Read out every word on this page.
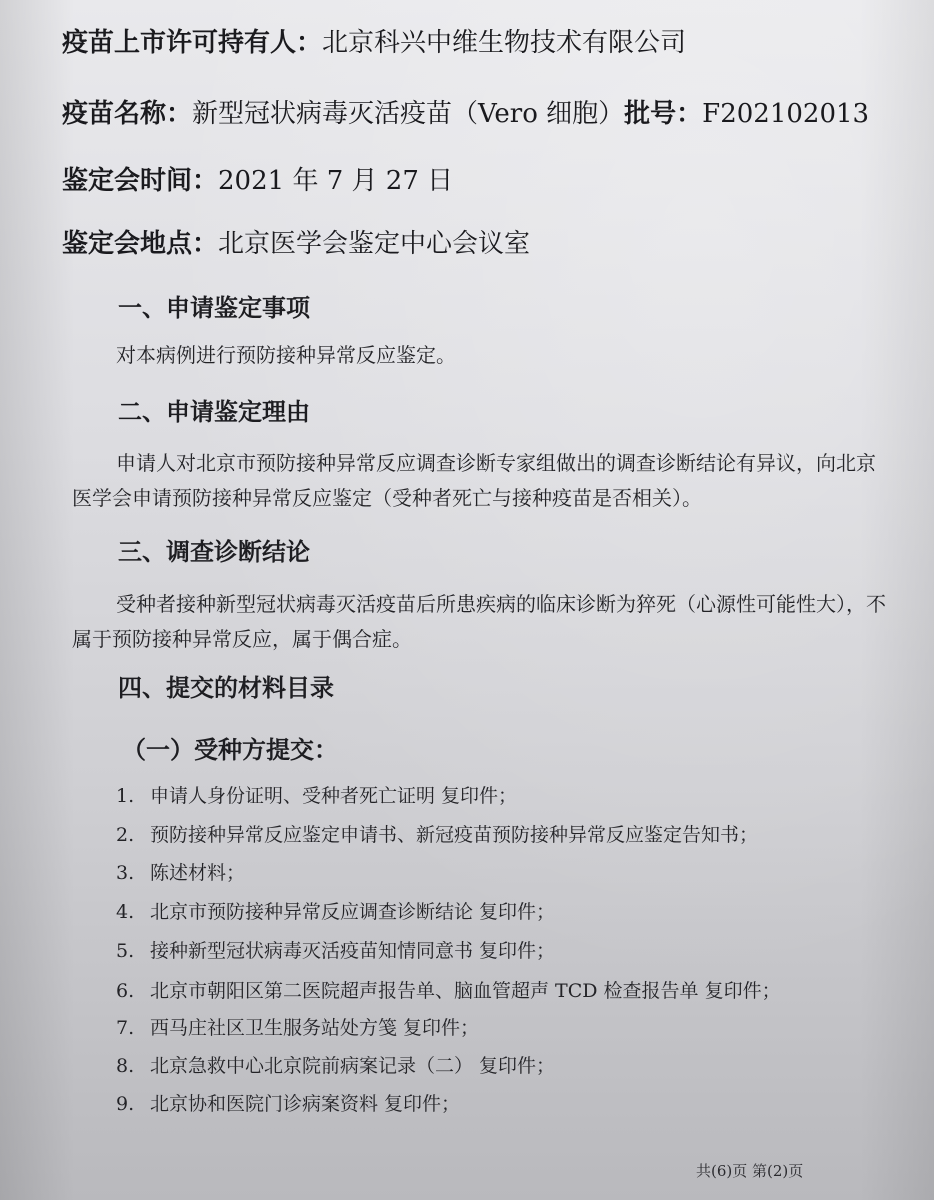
疫苗上市许可持有人：北京科兴中维生物技术有限公司
疫苗名称：新型冠状病毒灭活疫苗（Vero 细胞）批号：F202102013
鉴定会时间：2021 年 7 月 27 日
鉴定会地点：北京医学会鉴定中心会议室
一、申请鉴定事项
对本病例进行预防接种异常反应鉴定。
二、申请鉴定理由
申请人对北京市预防接种异常反应调查诊断专家组做出的调查诊断结论有异议，向北京医学会申请预防接种异常反应鉴定（受种者死亡与接种疫苗是否相关）。
三、调查诊断结论
受种者接种新型冠状病毒灭活疫苗后所患疾病的临床诊断为猝死（心源性可能性大），不属于预防接种异常反应，属于偶合症。
四、提交的材料目录
（一）受种方提交：
1. 申请人身份证明、受种者死亡证明 复印件；
2. 预防接种异常反应鉴定申请书、新冠疫苗预防接种异常反应鉴定告知书；
3. 陈述材料；
4. 北京市预防接种异常反应调查诊断结论 复印件；
5. 接种新型冠状病毒灭活疫苗知情同意书 复印件；
6. 北京市朝阳区第二医院超声报告单、脑血管超声 TCD 检查报告单 复印件；
7. 西马庄社区卫生服务站处方笺 复印件；
8. 北京急救中心北京院前病案记录（二） 复印件；
9. 北京协和医院门诊病案资料 复印件；
共(6)页 第(2)页
